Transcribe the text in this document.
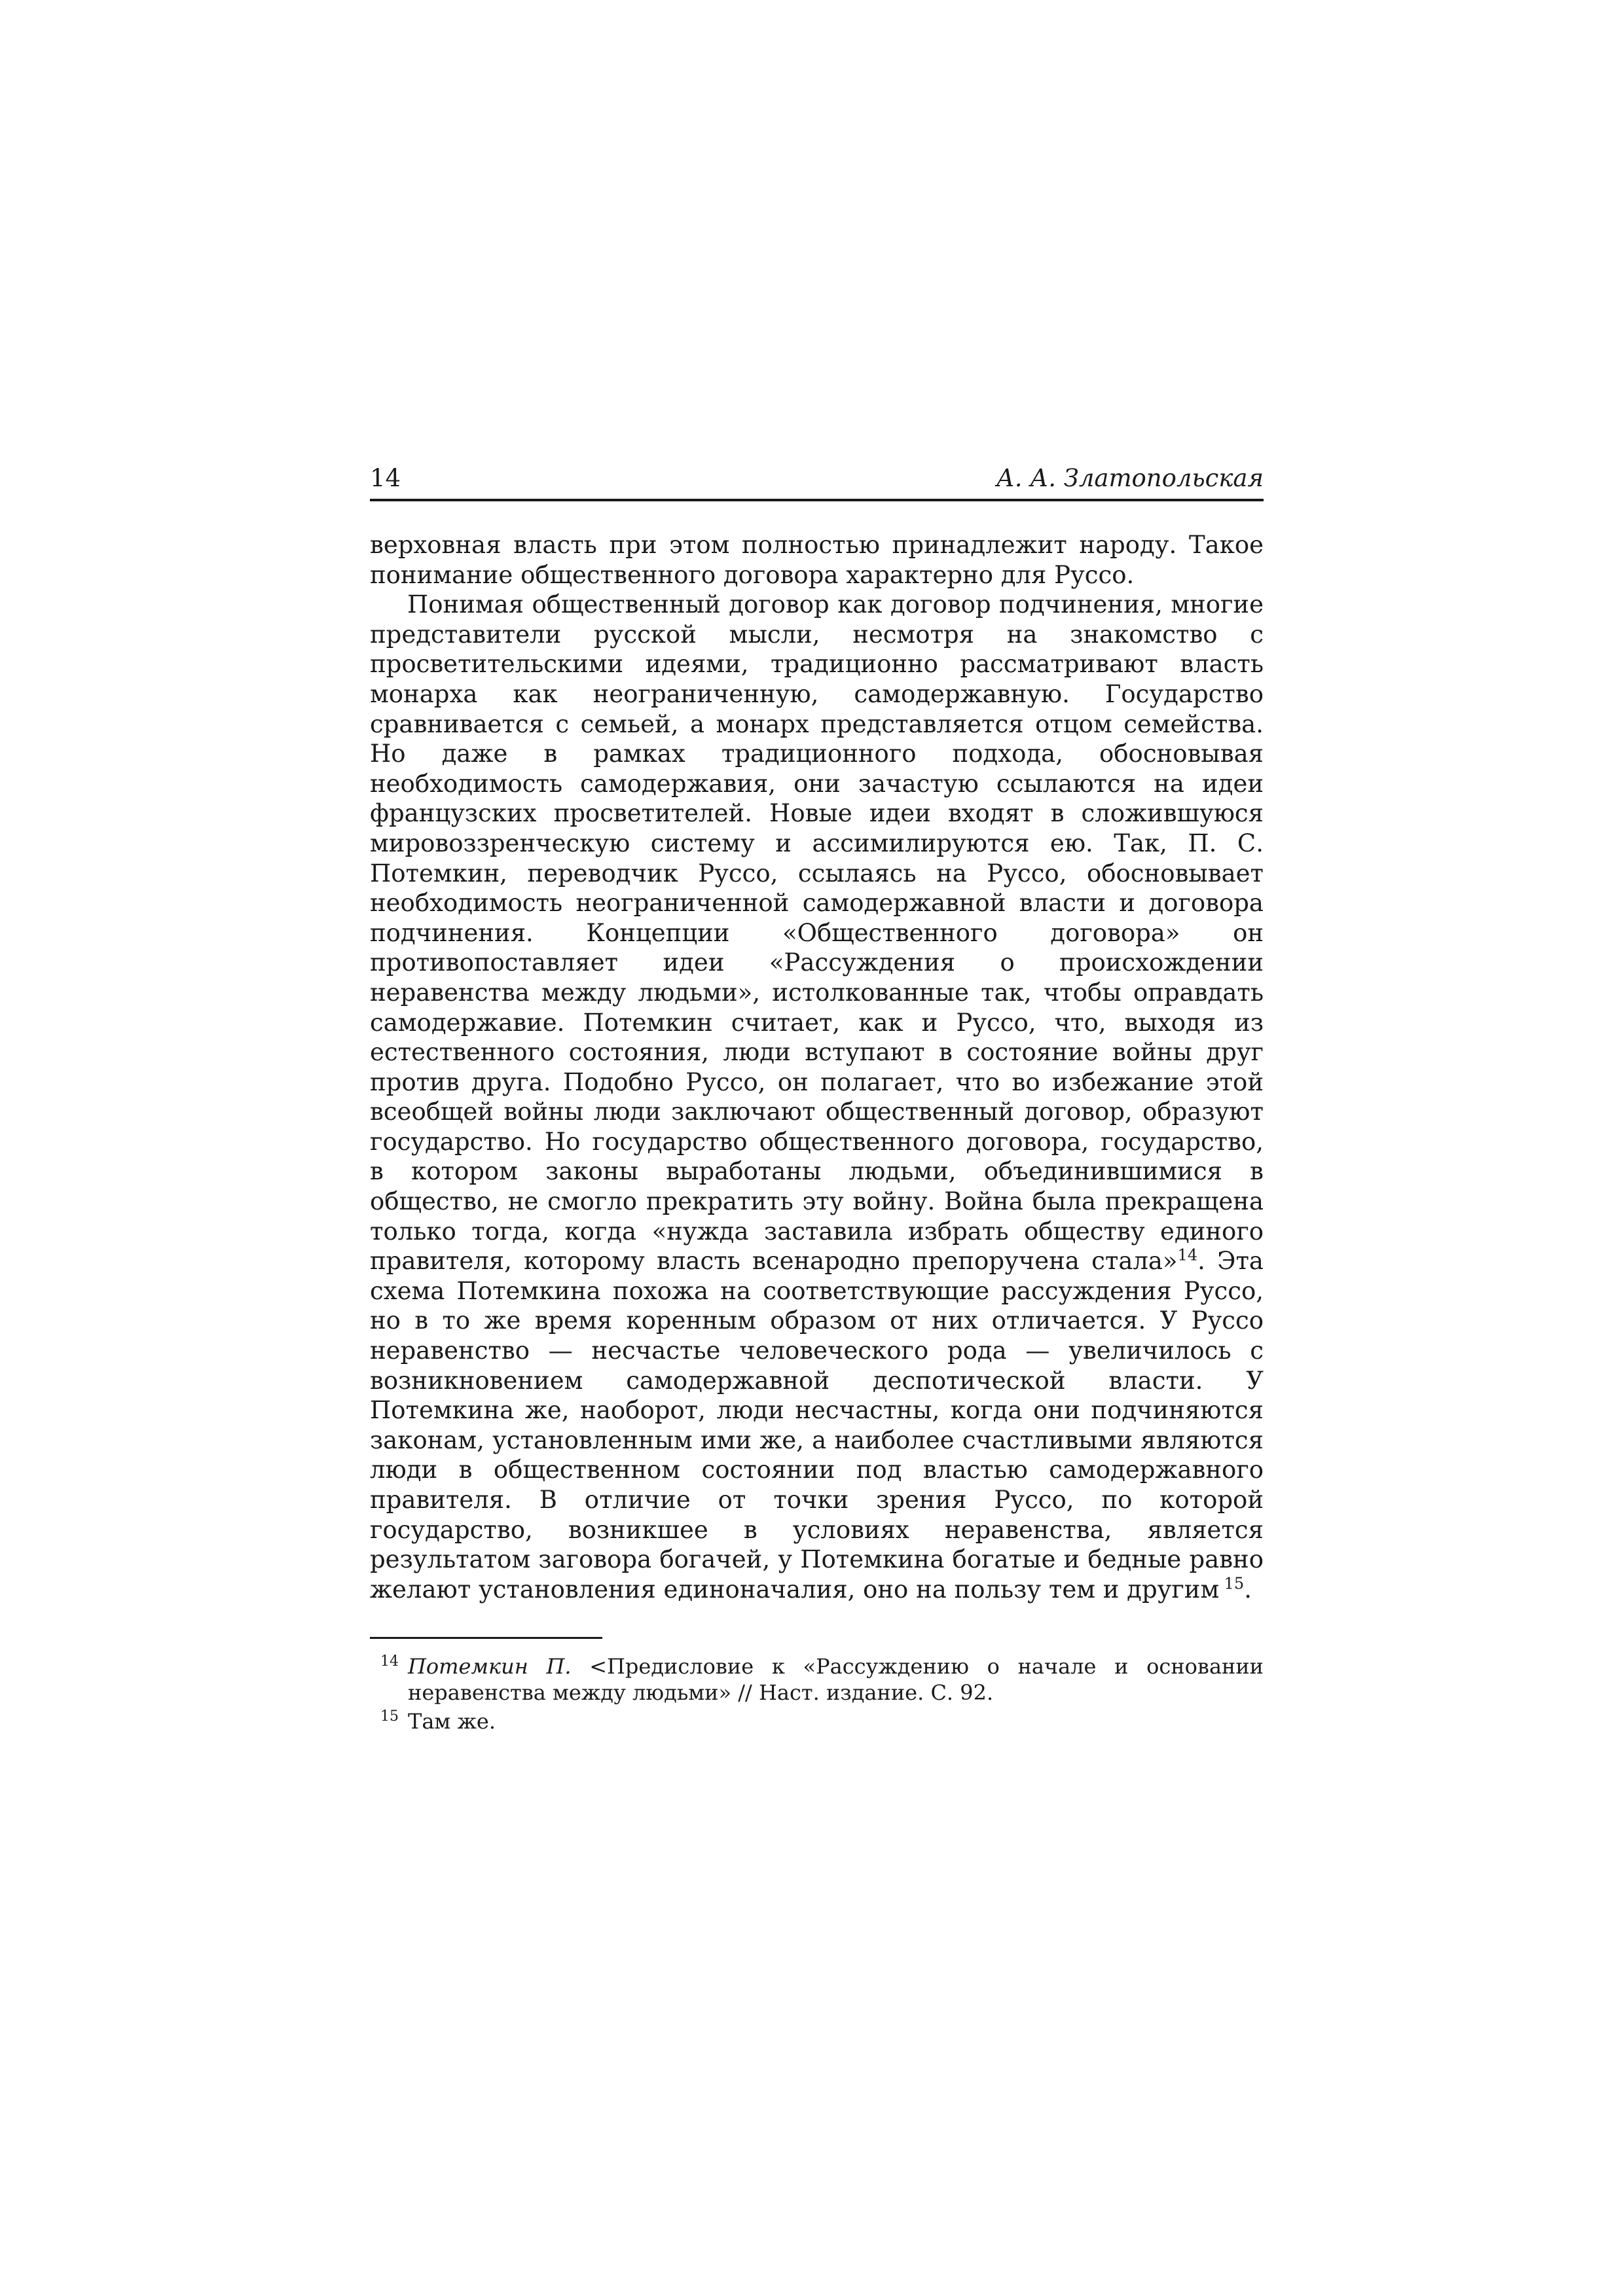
14	А. А. Златопольская

верховная власть при этом полностью принадлежит народу. Такое понимание общественного договора характерно для Руссо.

Понимая общественный договор как договор подчинения, многие представители русской мысли, несмотря на знакомство с просветительскими идеями, традиционно рассматривают власть монарха как неограниченную, самодержавную. Государство сравнивается с семьей, а монарх представляется отцом семейства. Но даже в рамках традиционного подхода, обосновывая необходимость самодержавия, они зачастую ссылаются на идеи французских просветителей. Новые идеи входят в сложившуюся мировоззренческую систему и ассимилируются ею. Так, П. С. Потемкин, переводчик Руссо, ссылаясь на Руссо, обосновывает необходимость неограниченной самодержавной власти и договора подчинения. Концепции «Общественного договора» он противопоставляет идеи «Рассуждения о происхождении неравенства между людьми», истолкованные так, чтобы оправдать самодержавие. Потемкин считает, как и Руссо, что, выходя из естественного состояния, люди вступают в состояние войны друг против друга. Подобно Руссо, он полагает, что во избежание этой всеобщей войны люди заключают общественный договор, образуют государство. Но государство общественного договора, государство, в котором законы выработаны людьми, объединившимися в общество, не смогло прекратить эту войну. Война была прекращена только тогда, когда «нужда заставила избрать обществу единого правителя, которому власть всенародно препоручена стала»$^{14}$. Эта схема Потемкина похожа на соответствующие рассуждения Руссо, но в то же время коренным образом от них отличается. У Руссо неравенство — несчастье человеческого рода — увеличилось с возникновением самодержавной деспотической власти. У Потемкина же, наоборот, люди несчастны, когда они подчиняются законам, установленным ими же, а наиболее счастливыми являются люди в общественном состоянии под властью самодержавного правителя. В отличие от точки зрения Руссо, по которой государство, возникшее в условиях неравенства, является результатом заговора богачей, у Потемкина богатые и бедные равно желают установления единоначалия, оно на пользу тем и другим  $^{15}$.

14 Потемкин П. <Предисловие к «Рассуждению о начале и основании неравенства между людьми» // Наст. издание. С. 92.
15 Там же.
